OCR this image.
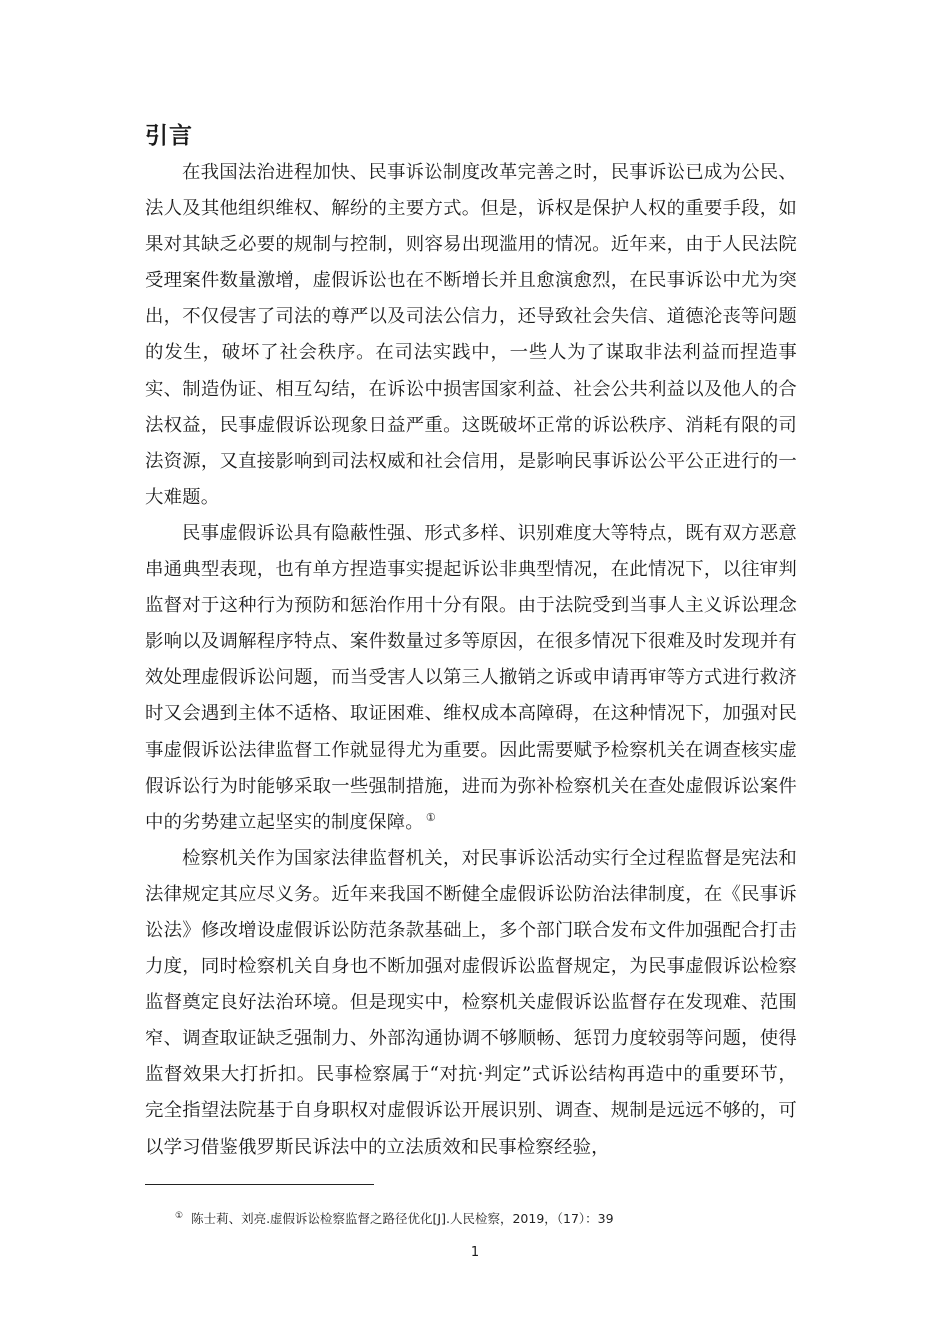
引言

在我国法治进程加快、民事诉讼制度改革完善之时，民事诉讼已成为公民、法人及其他组织维权、解纷的主要方式。但是，诉权是保护人权的重要手段，如果对其缺乏必要的规制与控制，则容易出现滥用的情况。近年来，由于人民法院受理案件数量激增，虚假诉讼也在不断增长并且愈演愈烈，在民事诉讼中尤为突出，不仅侵害了司法的尊严以及司法公信力，还导致社会失信、道德沦丧等问题的发生，破坏了社会秩序。在司法实践中，一些人为了谋取非法利益而捏造事实、制造伪证、相互勾结，在诉讼中损害国家利益、社会公共利益以及他人的合法权益，民事虚假诉讼现象日益严重。这既破坏正常的诉讼秩序、消耗有限的司法资源，又直接影响到司法权威和社会信用，是影响民事诉讼公平公正进行的一大难题。

民事虚假诉讼具有隐蔽性强、形式多样、识别难度大等特点，既有双方恶意串通典型表现，也有单方捏造事实提起诉讼非典型情况，在此情况下，以往审判监督对于这种行为预防和惩治作用十分有限。由于法院受到当事人主义诉讼理念影响以及调解程序特点、案件数量过多等原因，在很多情况下很难及时发现并有效处理虚假诉讼问题，而当受害人以第三人撤销之诉或申请再审等方式进行救济时又会遇到主体不适格、取证困难、维权成本高障碍，在这种情况下，加强对民事虚假诉讼法律监督工作就显得尤为重要。因此需要赋予检察机关在调查核实虚假诉讼行为时能够采取一些强制措施，进而为弥补检察机关在查处虚假诉讼案件中的劣势建立起坚实的制度保障。 ①

检察机关作为国家法律监督机关，对民事诉讼活动实行全过程监督是宪法和法律规定其应尽义务。近年来我国不断健全虚假诉讼防治法律制度，在《民事诉讼法》修改增设虚假诉讼防范条款基础上，多个部门联合发布文件加强配合打击力度，同时检察机关自身也不断加强对虚假诉讼监督规定，为民事虚假诉讼检察监督奠定良好法治环境。但是现实中，检察机关虚假诉讼监督存在发现难、范围窄、调查取证缺乏强制力、外部沟通协调不够顺畅、惩罚力度较弱等问题，使得监督效果大打折扣。民事检察属于“对抗·判定”式诉讼结构再造中的重要环节，完全指望法院基于自身职权对虚假诉讼开展识别、调查、规制是远远不够的，可以学习借鉴俄罗斯民诉法中的立法质效和民事检察经验，

① 陈士莉、刘亮.虚假诉讼检察监督之路径优化[J].人民检察，2019，（17）：39
1
